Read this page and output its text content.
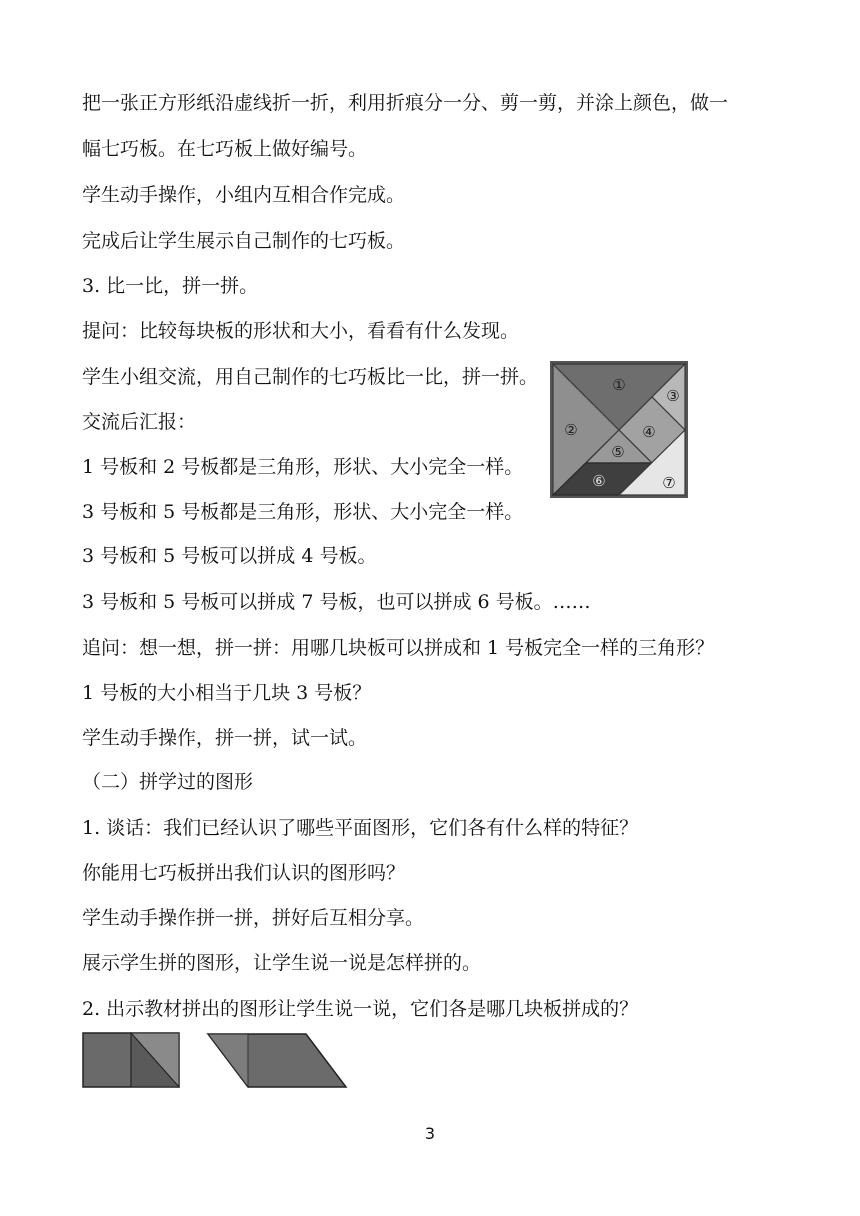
把一张正方形纸沿虚线折一折，利用折痕分一分、剪一剪，并涂上颜色，做一
幅七巧板。在七巧板上做好编号。
学生动手操作，小组内互相合作完成。
完成后让学生展示自己制作的七巧板。
3. 比一比，拼一拼。
提问：比较每块板的形状和大小，看看有什么发现。
学生小组交流，用自己制作的七巧板比一比，拼一拼。
交流后汇报：
1 号板和 2 号板都是三角形，形状、大小完全一样。
3 号板和 5 号板都是三角形，形状、大小完全一样。
3 号板和 5 号板可以拼成 4 号板。
3 号板和 5 号板可以拼成 7 号板，也可以拼成 6 号板。……
追问：想一想，拼一拼：用哪几块板可以拼成和 1 号板完全一样的三角形？
1 号板的大小相当于几块 3 号板？
学生动手操作，拼一拼，试一试。
（二）拼学过的图形
1. 谈话：我们已经认识了哪些平面图形，它们各有什么样的特征？
你能用七巧板拼出我们认识的图形吗？
学生动手操作拼一拼，拼好后互相分享。
展示学生拼的图形，让学生说一说是怎样拼的。
2. 出示教材拼出的图形让学生说一说，它们各是哪几块板拼成的？
①
②
③
④
⑤
⑥	⑦
3
